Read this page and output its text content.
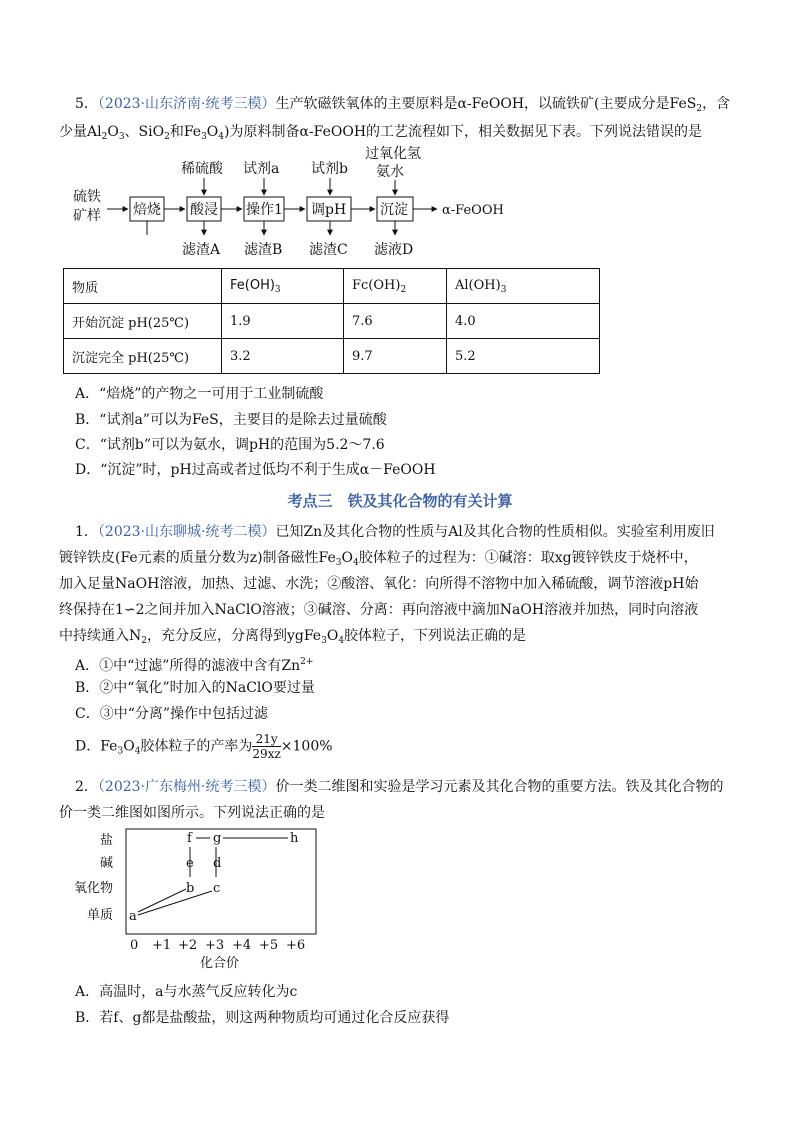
5．（2023·山东济南·统考三模）生产软磁铁氧体的主要原料是α-FeOOH，以硫铁矿(主要成分是FeS$_2$，含
少量$Al_2O_3$、SiO$_2$和$Fe_3O_4$)为原料制备α-FeOOH的工艺流程如下，相关数据见下表。下列说法错误的是
硫铁
矿样 焙烧 酸浸 操作1 调pH 沉淀	α-FeOOH
稀硫酸 试剂a 试剂b
过氧化氢
氨水
滤渣A 滤渣B 滤渣C 滤液D
物质	$Fe(OH)_3$	$Fc(OH)_2$	$Al(OH)_3$
开始沉淀 pH(25℃)	1.9	7.6	4.0
沉淀完全 pH(25℃)	3.2	9.7	5.2
A．“焙烧”的产物之一可用于工业制硫酸
B．“试剂a”可以为FeS，主要目的是除去过量硫酸
C．“试剂b”可以为氨水，调pH的范围为5.2～7.6
D．“沉淀”时，pH过高或者过低均不利于生成α－FeOOH
考点三　铁及其化合物的有关计算
1．（2023·山东聊城·统考二模）已知Zn及其化合物的性质与Al及其化合物的性质相似。实验室利用废旧
镀锌铁皮(Fe元素的质量分数为z)制备磁性$Fe_3O_4$胶体粒子的过程为：①碱溶：取xg镀锌铁皮于烧杯中，
加入足量NaOH溶液，加热、过滤、水洗；②酸溶、氧化：向所得不溶物中加入稀硫酸，调节溶液pH始
终保持在1∽2之间并加入NaClO溶液；③碱溶、分离：再向溶液中滴加NaOH溶液并加热，同时向溶液
中持续通入$N_2$，充分反应，分离得到$ygFe_3O_4$胶体粒子，下列说法正确的是
A．①中“过滤”所得的滤液中含有$Zn^{2+}$
B．②中“氧化”时加入的NaClO要过量
C．③中“分离”操作中包括过滤
D．$Fe_3O_4$胶体粒子的产率为 $\frac{21y}{29xz}\times 100\%$
2．（2023·广东梅州·统考三模）价一类二维图和实验是学习元素及其化合物的重要方法。铁及其化合物的
价一类二维图如图所示。下列说法正确的是
盐
碱
氧化物
单质
0 +1 +2 +3 +4 +5 +6
化合价
a
b c
d
e
f g	h
A．高温时，a与水蒸气反应转化为c
B．若f、g都是盐酸盐，则这两种物质均可通过化合反应获得
